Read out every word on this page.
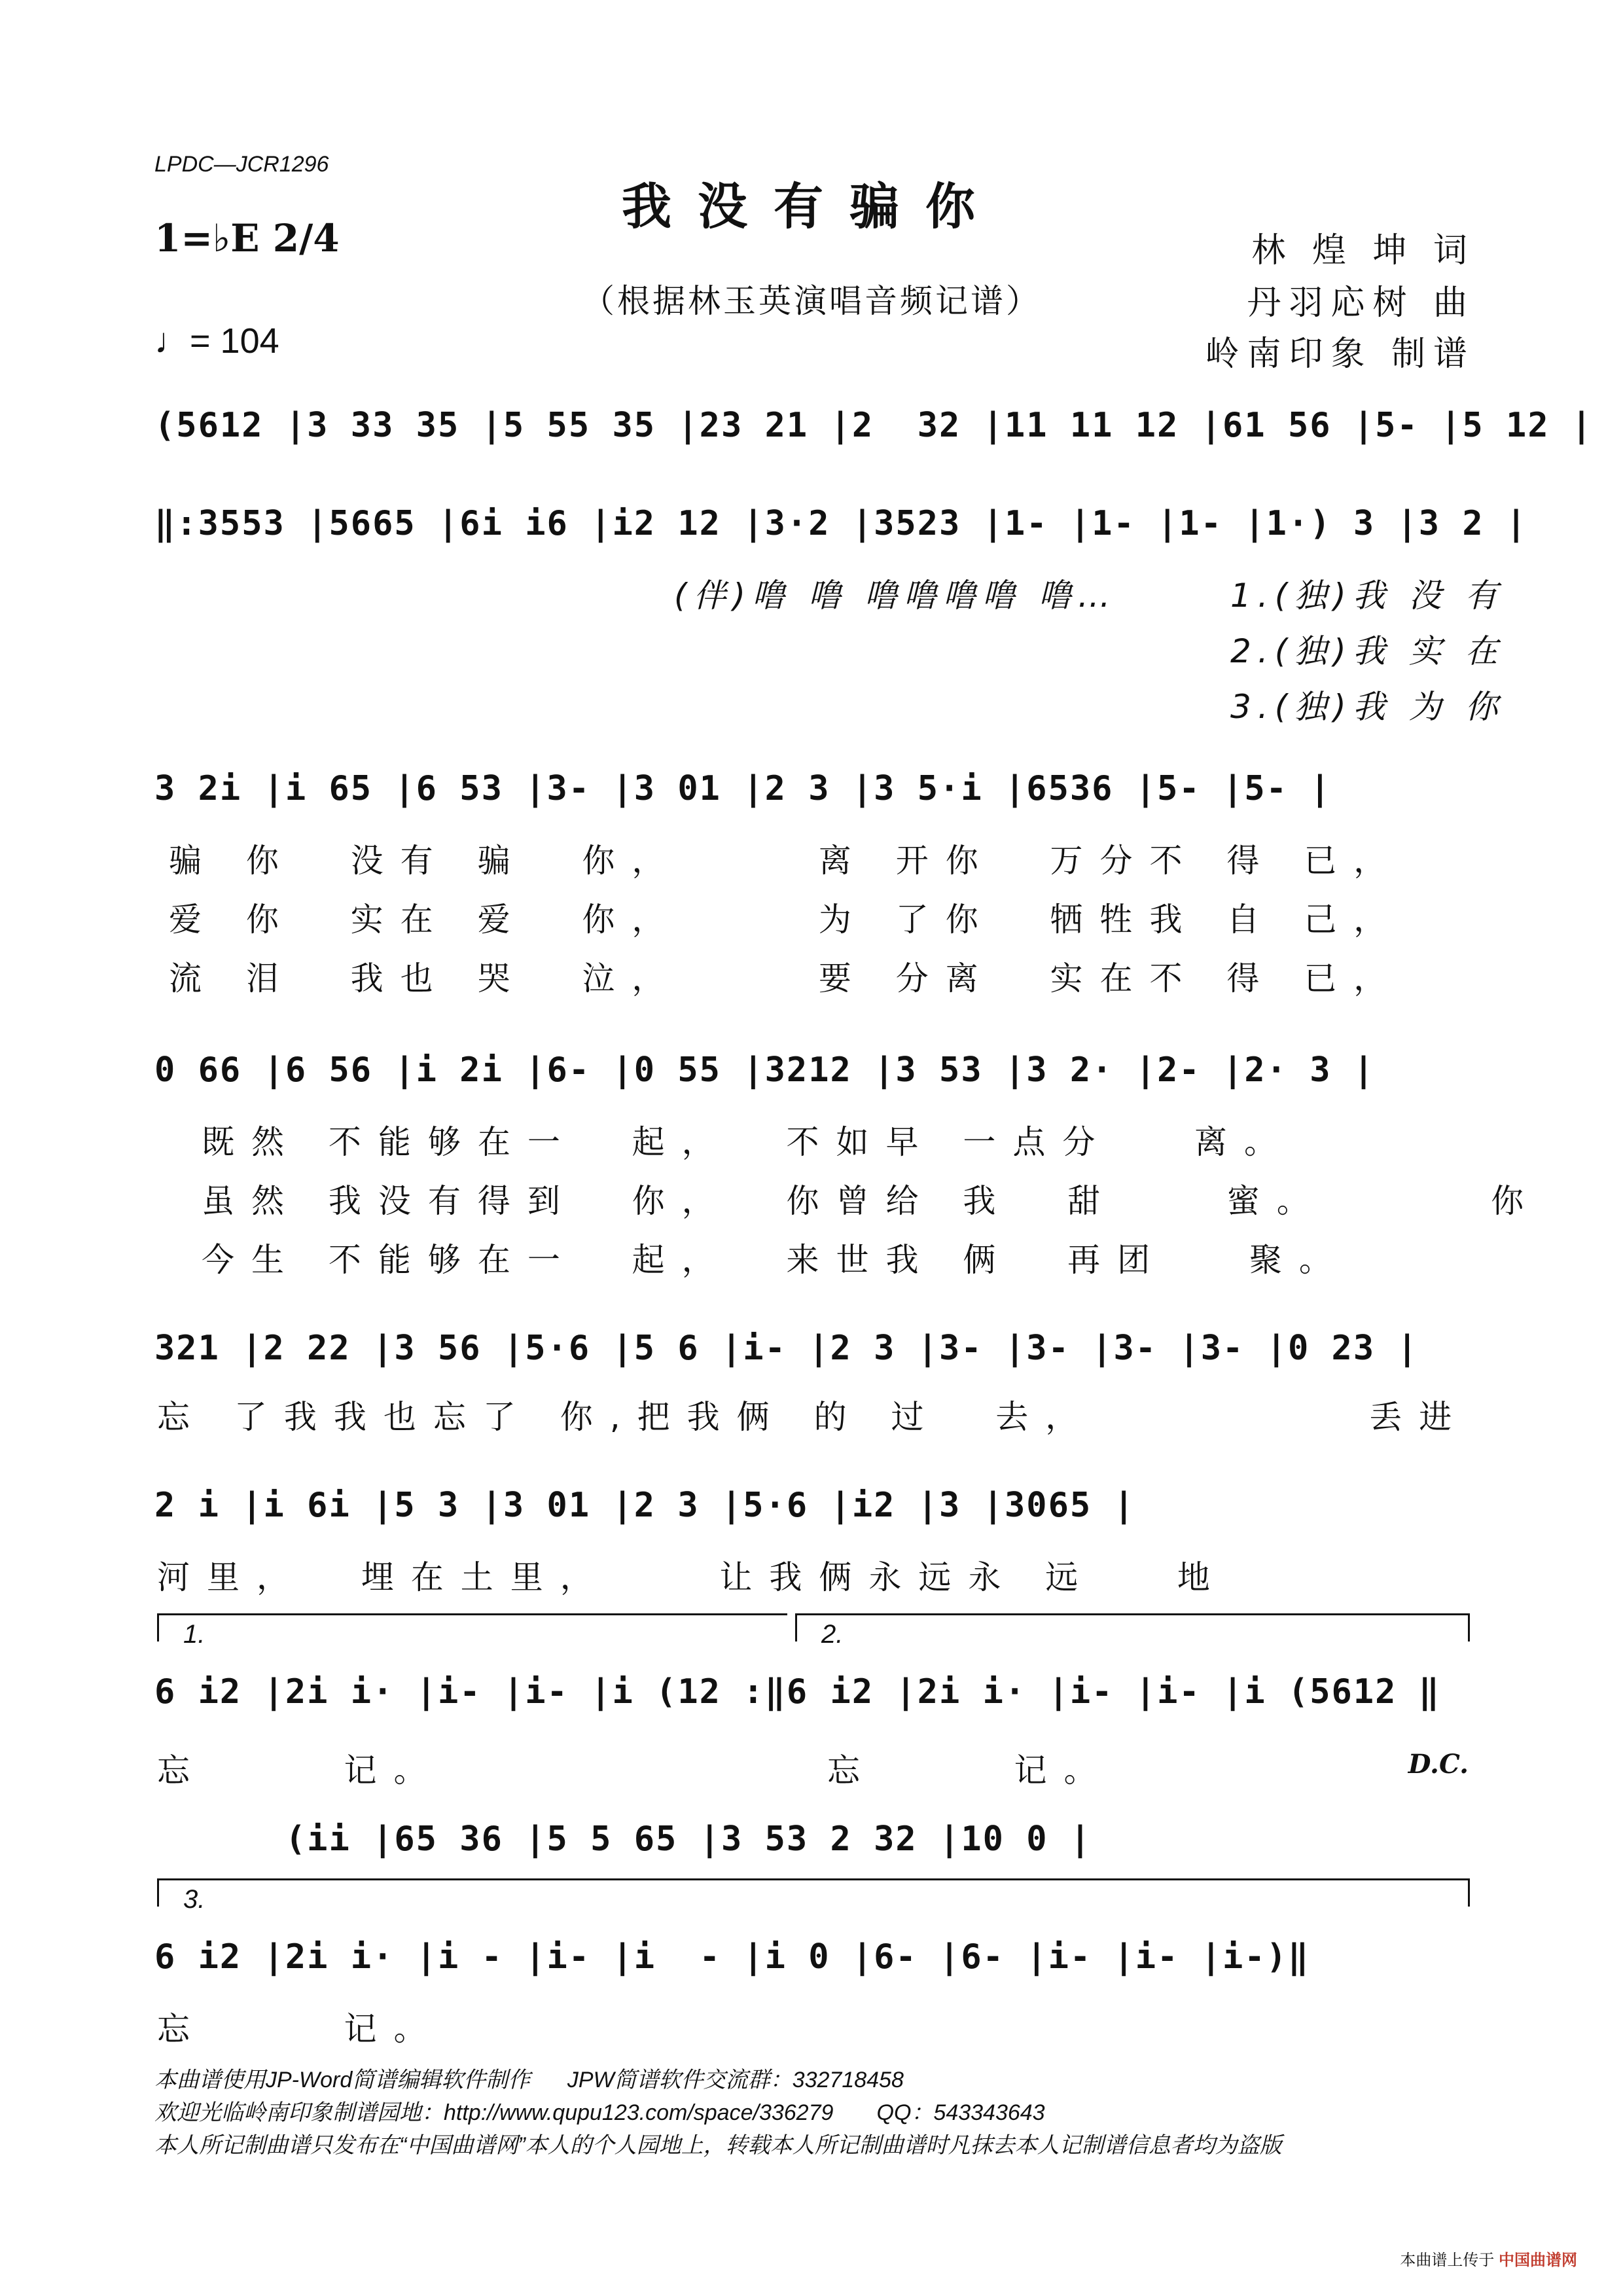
LPDC—JCR1296
我没有骗你
1=♭E 2/4
（根据林玉英演唱音频记谱）
♩= 104
林 煌 坤 词
丹羽応树 曲
岭南印象 制谱
(5612 |3 33 35 |5 55 35 |23 21 |2  32 |11 11 12 |61 56 |5- |5 12 |
‖:3553 |5665 |6i i6 |i2 12 |3·2 |3523 |1- |1- |1- |1·) 3 |3 2 |
(伴)噜 噜 噜噜噜噜 噜…	1.(独)我 没 有
2.(独)我 实 在
3.(独)我 为 你
3 2i |i 65 |6 53 |3- |3 01 |2 3 |3 5·i |6536 |5- |5- |
骗 你  没有 骗  你，     离 开你  万分不 得 已，
爱 你  实在 爱  你，     为 了你  牺牲我 自 己，
流 泪  我也 哭  泣，     要 分离  实在不 得 已，
0 66 |6 56 |i 2i |6- |0 55 |3212 |3 53 |3 2· |2- |2· 3 |
既然 不能够在一  起，  不如早 一点分   离。
虽然 我没有得到  你，  你曾给 我  甜    蜜。      你
今生 不能够在一  起，  来世我 俩  再团   聚。
321 |2 22 |3 56 |5·6 |5 6 |i- |2 3 |3- |3- |3- |3- |0 23 |
忘 了我我也忘了 你,把我俩 的 过  去，          丢进
2 i |i 6i |5 3 |3 01 |2 3 |5·6 |i2 |3 |3065 |
河里，  埋在土里，    让我俩永远永 远   地
1.	2.
6 i2 |2i i· |i- |i- |i (12 :‖6 i2 |2i i· |i- |i- |i (5612 ‖
忘     记。              忘     记。	D.C.
(ii |65 36 |5 5 65 |3 53 2 32 |10 0 |
3.
6 i2 |2i i· |i - |i- |i  - |i 0 |6- |6- |i- |i- |i-)‖
忘     记。
本曲谱使用JP-Word简谱编辑软件制作      JPW简谱软件交流群：332718458
欢迎光临岭南印象制谱园地：http://www.qupu123.com/space/336279       QQ：543343643
本人所记制曲谱只发布在“中国曲谱网”本人的个人园地上，转载本人所记制曲谱时凡抹去本人记制谱信息者均为盗版
本曲谱上传于 中国曲谱网
